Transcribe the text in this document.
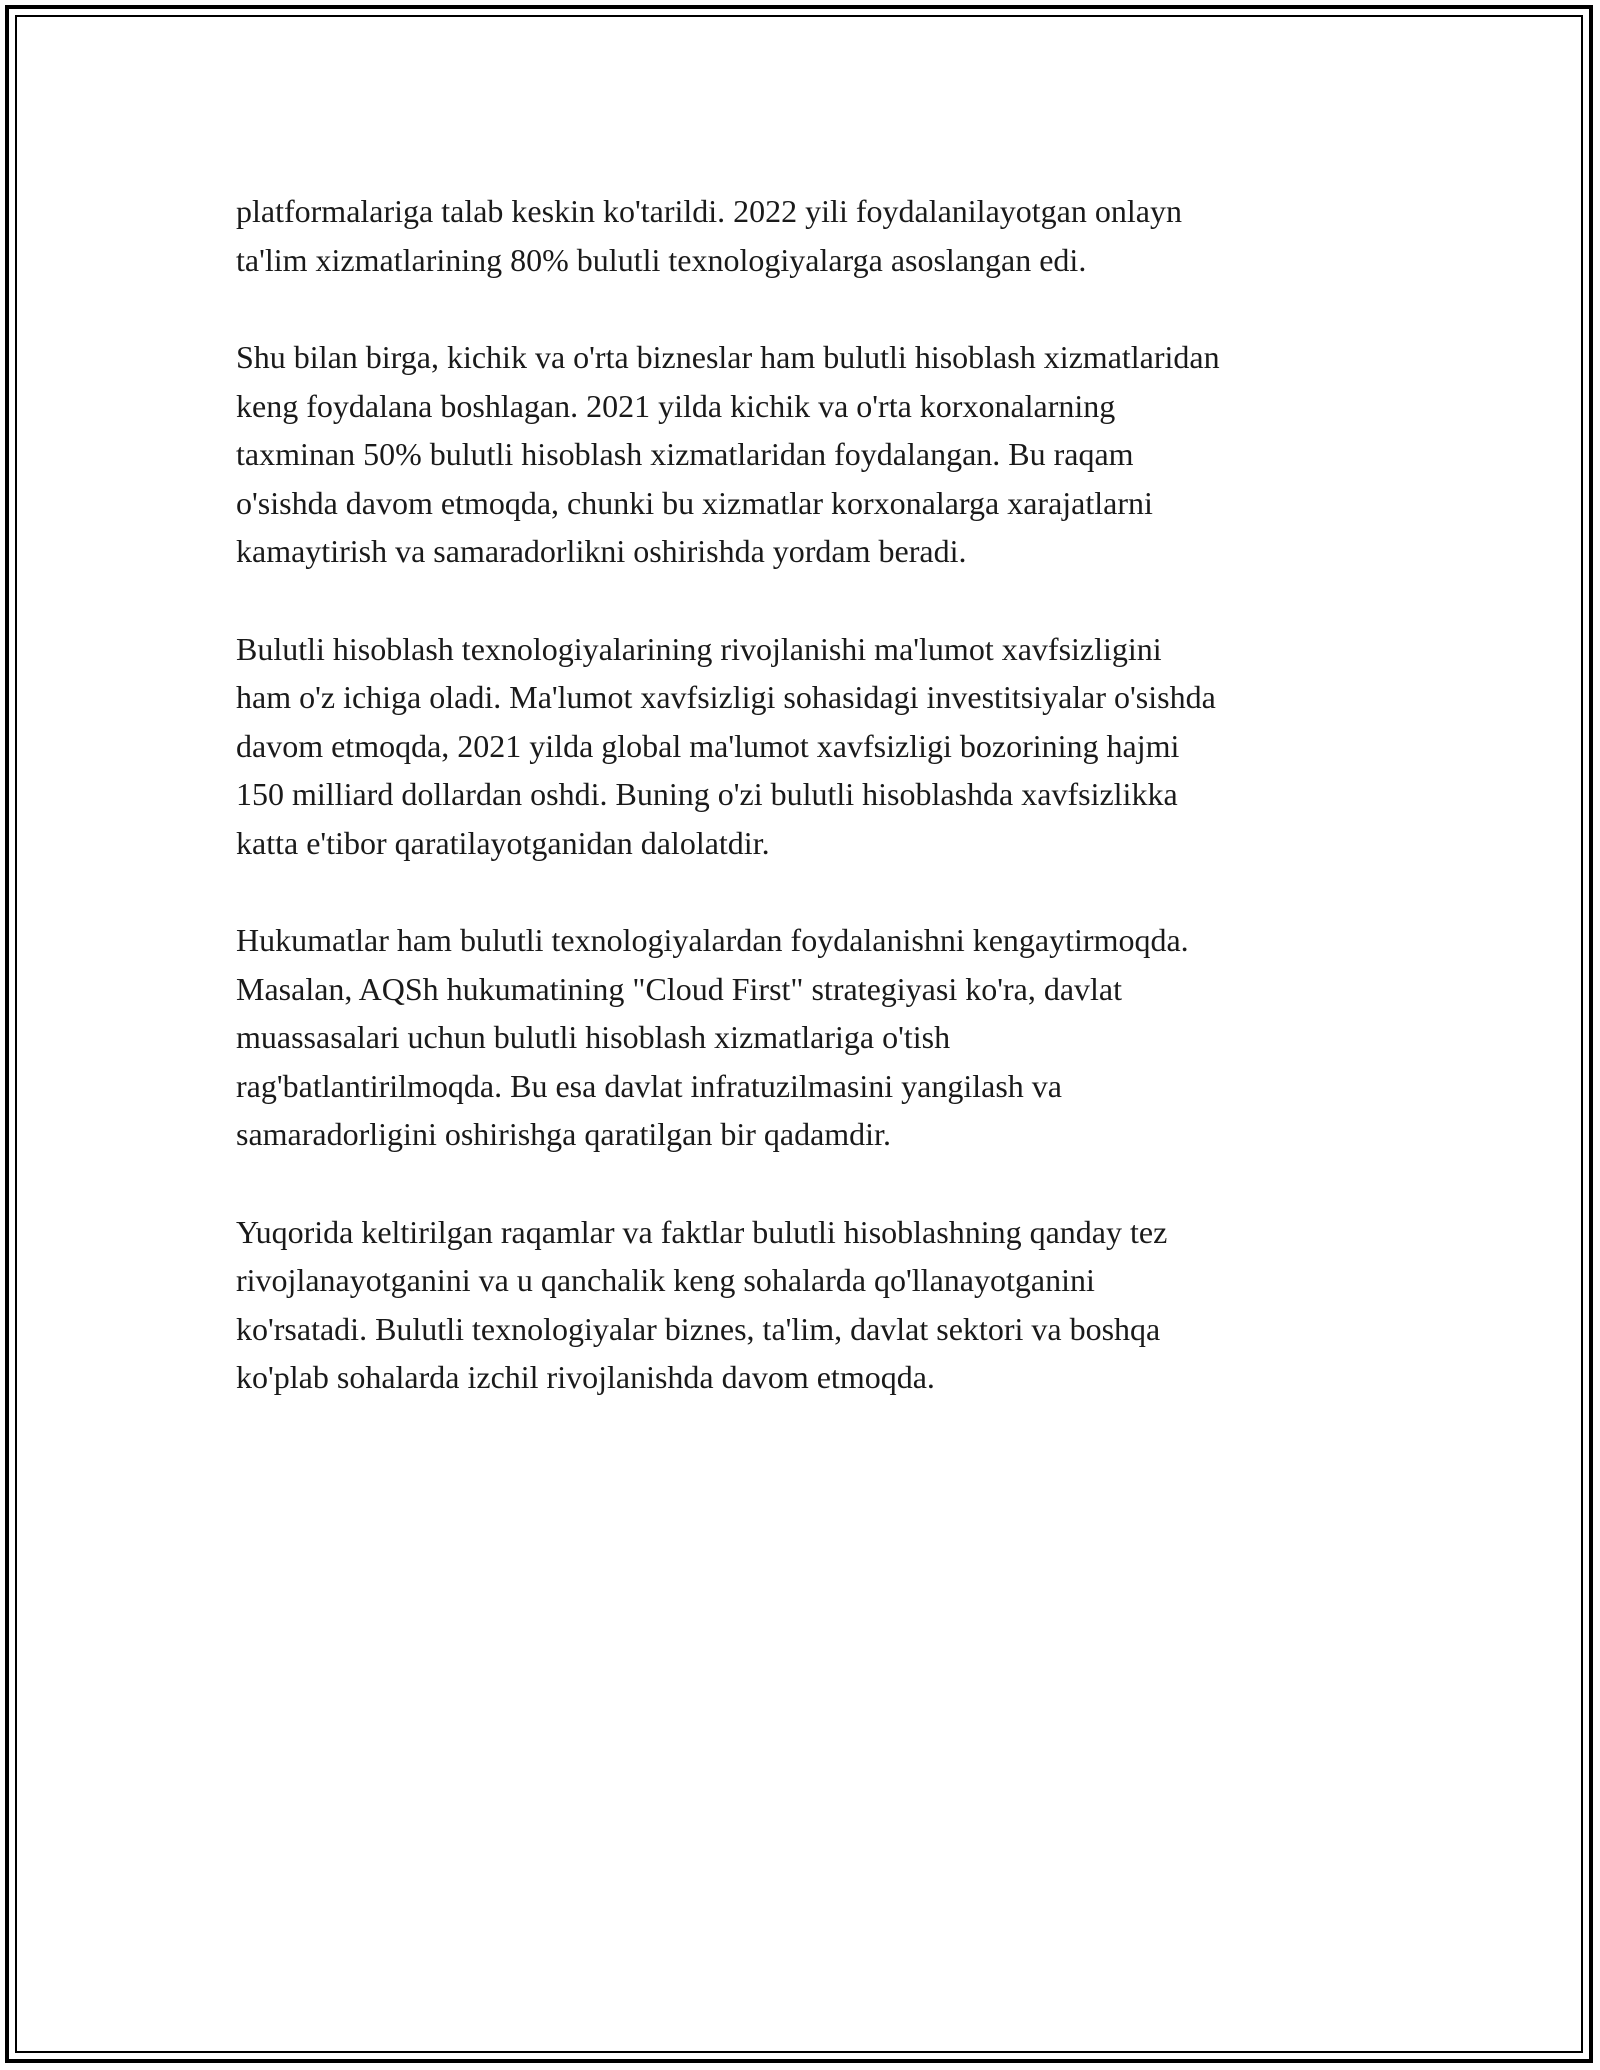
platformalariga talab keskin ko'tarildi. 2022 yili foydalanilayotgan onlayn
ta'lim xizmatlarining 80% bulutli texnologiyalarga asoslangan edi.

Shu bilan birga, kichik va o'rta bizneslar ham bulutli hisoblash xizmatlaridan
keng foydalana boshlagan. 2021 yilda kichik va o'rta korxonalarning
taxminan 50% bulutli hisoblash xizmatlaridan foydalangan. Bu raqam
o'sishda davom etmoqda, chunki bu xizmatlar korxonalarga xarajatlarni
kamaytirish va samaradorlikni oshirishda yordam beradi.

Bulutli hisoblash texnologiyalarining rivojlanishi ma'lumot xavfsizligini
ham o'z ichiga oladi. Ma'lumot xavfsizligi sohasidagi investitsiyalar o'sishda
davom etmoqda, 2021 yilda global ma'lumot xavfsizligi bozorining hajmi
150 milliard dollardan oshdi. Buning o'zi bulutli hisoblashda xavfsizlikka
katta e'tibor qaratilayotganidan dalolatdir.

Hukumatlar ham bulutli texnologiyalardan foydalanishni kengaytirmoqda.
Masalan, AQSh hukumatining "Cloud First" strategiyasi ko'ra, davlat
muassasalari uchun bulutli hisoblash xizmatlariga o'tish
rag'batlantirilmoqda. Bu esa davlat infratuzilmasini yangilash va
samaradorligini oshirishga qaratilgan bir qadamdir.

Yuqorida keltirilgan raqamlar va faktlar bulutli hisoblashning qanday tez
rivojlanayotganini va u qanchalik keng sohalarda qo'llanayotganini
ko'rsatadi. Bulutli texnologiyalar biznes, ta'lim, davlat sektori va boshqa
ko'plab sohalarda izchil rivojlanishda davom etmoqda.
